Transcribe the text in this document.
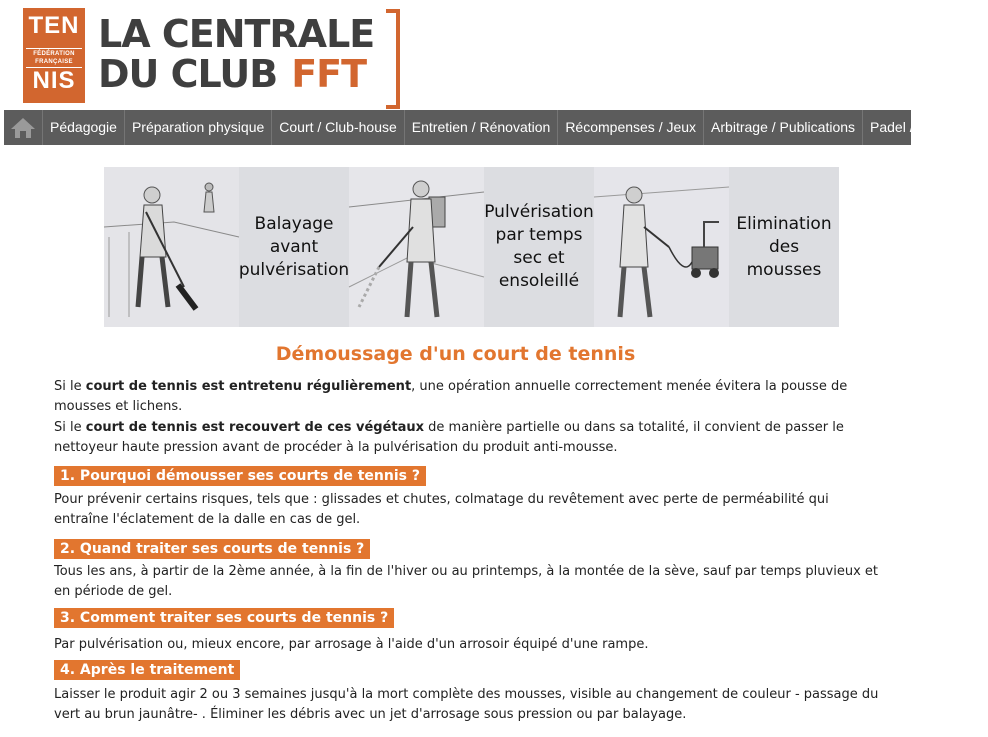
TEN
FÉDÉRATION FRANÇAISE
NIS
LA CENTRALE
DU CLUB FFT
Pédagogie	Préparation physique	Court / Club-house	Entretien / Rénovation	Récompenses / Jeux	Arbitrage / Publications	Padel / Beach ten
Balayage avant pulvérisation
Pulvérisation par temps sec et ensoleillé
Elimination des mousses
Démoussage d'un court de tennis
Si le court de tennis est entretenu régulièrement, une opération annuelle correctement menée évitera la pousse de mousses et lichens.
Si le court de tennis est recouvert de ces végétaux de manière partielle ou dans sa totalité, il convient de passer le nettoyeur haute pression avant de procéder à la pulvérisation du produit anti-mousse.
1. Pourquoi démousser ses courts de tennis ?
Pour prévenir certains risques, tels que : glissades et chutes, colmatage du revêtement avec perte de perméabilité qui entraîne l'éclatement de la dalle en cas de gel.
2. Quand traiter ses courts de tennis ?
Tous les ans, à partir de la 2ème année, à la fin de l'hiver ou au printemps, à la montée de la sève, sauf par temps pluvieux et en période de gel.
3. Comment traiter ses courts de tennis ?
Par pulvérisation ou, mieux encore, par arrosage à l'aide d'un arrosoir équipé d'une rampe.
4. Après le traitement
Laisser le produit agir 2 ou 3 semaines jusqu'à la mort complète des mousses, visible au changement de couleur - passage du vert au brun jaunâtre- . Éliminer les débris avec un jet d'arrosage sous pression ou par balayage.
